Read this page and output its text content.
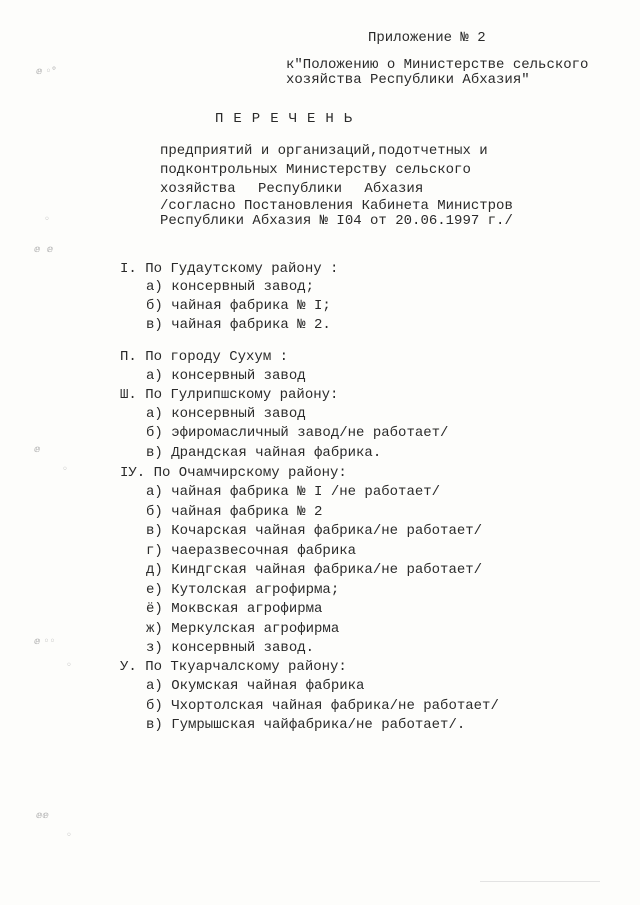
ⅇ ◦°
◦
ⅇ  ⅇ
ⅇ
◦
ⅇ ◦◦
◦
ⅇⅇ
◦
Приложение № 2
к"Положению о Министерстве сельского
хозяйства Республики Абхазия"
ПЕРЕЧЕНЬ
предприятий и организаций,подотчетных и
подконтрольных Министерству сельского
хозяйства Республики Абхазия
/согласно Постановления Кабинета Министров
Республики Абхазия № I04 от 20.06.1997 г./
I. По Гудаутскому району :
а) консервный завод;
б) чайная фабрика № I;
в) чайная фабрика № 2.
П. По городу Сухум :
а) консервный завод
Ш. По Гулрипшскому району:
а) консервный завод
б) эфиромасличный завод/не работает/
в) Драндская чайная фабрика.
IУ. По Очамчирскому району:
а) чайная фабрика № I /не работает/
б) чайная фабрика № 2
в) Кочарская чайная фабрика/не работает/
г) чаеразвесочная фабрика
д) Киндгская чайная фабрика/не работает/
е) Кутолская агрофирма;
ё) Моквская агрофирма
ж) Меркулская агрофирма
з) консервный завод.
У. По Ткуарчалскому району:
а) Окумская чайная фабрика
б) Чхортолская чайная фабрика/не работает/
в) Гумрышская чайфабрика/не работает/.
